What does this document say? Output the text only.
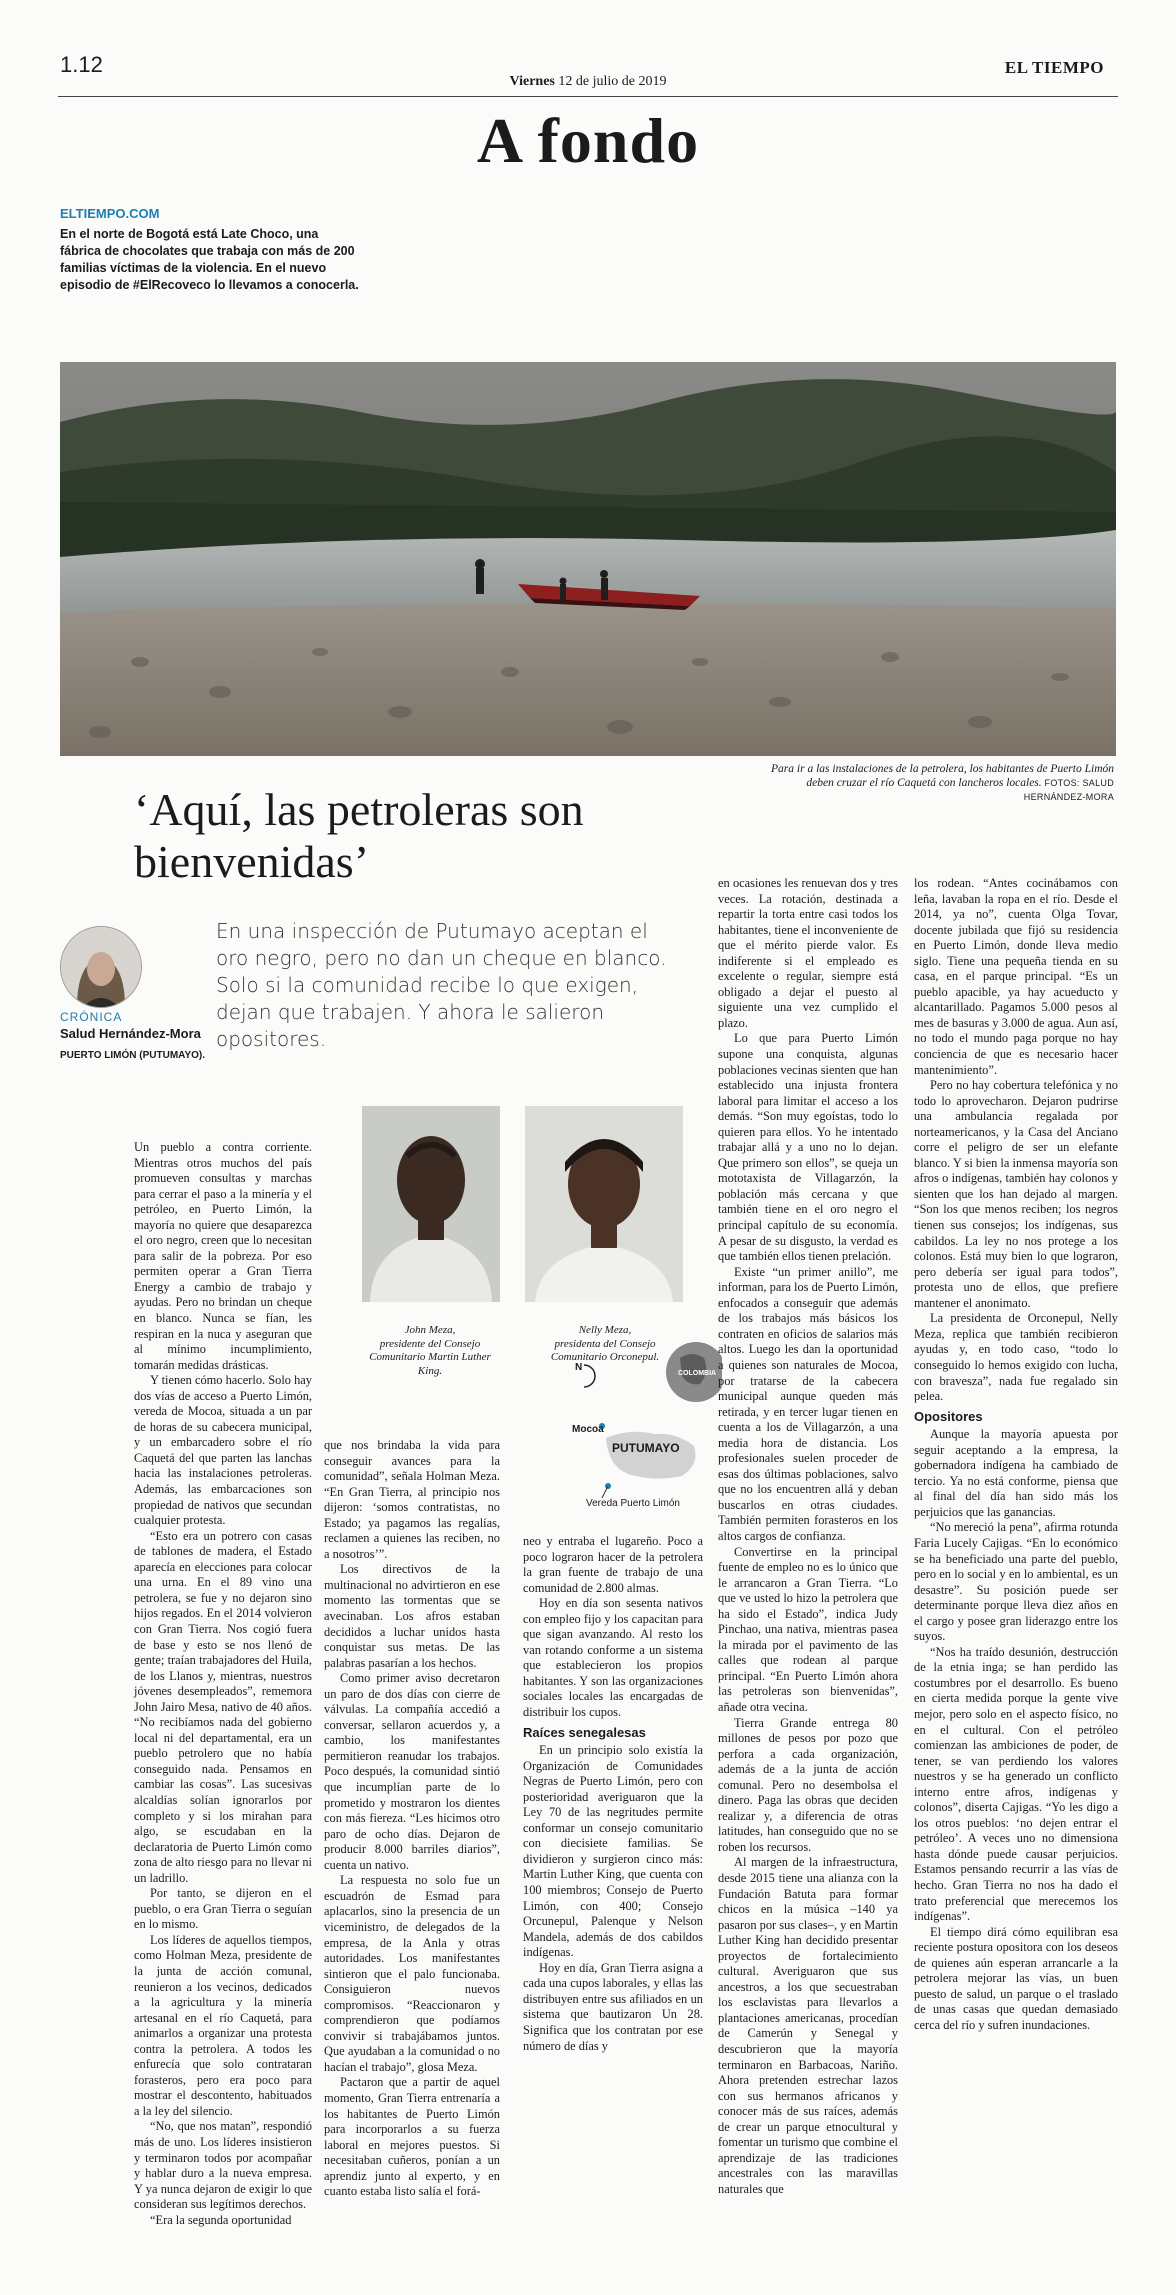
1.12
Viernes 12 de julio de 2019
EL TIEMPO
A fondo
ELTIEMPO.COM
En el norte de Bogotá está Late Choco, una fábrica de chocolates que trabaja con más de 200 familias víctimas de la violencia. En el nuevo episodio de #ElRecoveco lo llevamos a conocerla.
Para ir a las instalaciones de la petrolera, los habitantes de Puerto Limón deben cruzar el río Caquetá con lancheros locales. FOTOS: SALUD HERNÁNDEZ-MORA
‘Aquí, las petroleras son bienvenidas’
En una inspección de Putumayo aceptan el oro negro, pero no dan un cheque en blanco. Solo si la comunidad recibe lo que exigen, dejan que trabajen. Y ahora le salieron opositores.
CRÓNICA
Salud Hernández-Mora
PUERTO LIMÓN (PUTUMAYO).
John Meza,
presidente del Consejo Comunitario Martin Luther King.
Nelly Meza,
presidenta del Consejo Comunitario Orconepul.
N
COLOMBIA
Mocoa
PUTUMAYO
Vereda Puerto Limón

Un pueblo a contra corriente. Mientras otros muchos del país promueven consultas y marchas para cerrar el paso a la minería y el petróleo, en Puerto Limón, la mayoría no quiere que desaparezca el oro negro, creen que lo necesitan para salir de la pobreza. Por eso permiten operar a Gran Tierra Energy a cambio de trabajo y ayudas. Pero no brindan un cheque en blanco. Nunca se fían, les respiran en la nuca y aseguran que al mínimo incumplimiento, tomarán medidas drásticas.

Y tienen cómo hacerlo. Solo hay dos vías de acceso a Puerto Limón, vereda de Mocoa, situada a un par de horas de su cabecera municipal, y un embarcadero sobre el río Caquetá del que parten las lanchas hacia las instalaciones petroleras. Además, las embarcaciones son propiedad de nativos que secundan cualquier protesta.

“Esto era un potrero con casas de tablones de madera, el Estado aparecía en elecciones para colocar una urna. En el 89 vino una petrolera, se fue y no dejaron sino hijos regados. En el 2014 volvieron con Gran Tierra. Nos cogió fuera de base y esto se nos llenó de gente; traían trabajadores del Huila, de los Llanos y, mientras, nuestros jóvenes desempleados”, rememora John Jairo Mesa, nativo de 40 años. “No recibíamos nada del gobierno local ni del departamental, era un pueblo petrolero que no había conseguido nada. Pensamos en cambiar las cosas”. Las sucesivas alcaldías solían ignorarlos por completo y si los mirahan para algo, se escudaban en la declaratoria de Puerto Limón como zona de alto riesgo para no llevar ni un ladrillo.

Por tanto, se dijeron en el pueblo, o era Gran Tierra o seguían en lo mismo.

Los líderes de aquellos tiempos, como Holman Meza, presidente de la junta de acción comunal, reunieron a los vecinos, dedicados a la agricultura y la minería artesanal en el río Caquetá, para animarlos a organizar una protesta contra la petrolera. A todos les enfurecía que solo contrataran forasteros, pero era poco para mostrar el descontento, habituados a la ley del silencio.

“No, que nos matan”, respondió más de uno. Los líderes insistieron y terminaron todos por acompañar y hablar duro a la nueva empresa. Y ya nunca dejaron de exigir lo que consideran sus legítimos derechos.

“Era la segunda oportunidad

que nos brindaba la vida para conseguir avances para la comunidad”, señala Holman Meza. “En Gran Tierra, al principio nos dijeron: ‘somos contratistas, no Estado; ya pagamos las regalías, reclamen a quienes las reciben, no a nosotros’”.

Los directivos de la multinacional no advirtieron en ese momento las tormentas que se avecinaban. Los afros estaban decididos a luchar unidos hasta conquistar sus metas. De las palabras pasarían a los hechos.

Como primer aviso decretaron un paro de dos días con cierre de válvulas. La compañía accedió a conversar, sellaron acuerdos y, a cambio, los manifestantes permitieron reanudar los trabajos. Poco después, la comunidad sintió que incumplían parte de lo prometido y mostraron los dientes con más fiereza. “Les hicimos otro paro de ocho días. Dejaron de producir 8.000 barriles diarios”, cuenta un nativo.

La respuesta no solo fue un escuadrón de Esmad para aplacarlos, sino la presencia de un viceministro, de delegados de la empresa, de la Anla y otras autoridades. Los manifestantes sintieron que el palo funcionaba. Consiguieron nuevos compromisos. “Reaccionaron y comprendieron que podíamos convivir si trabajábamos juntos. Que ayudaban a la comunidad o no hacían el trabajo”, glosa Meza.

Pactaron que a partir de aquel momento, Gran Tierra entrenaría a los habitantes de Puerto Limón para incorporarlos a su fuerza laboral en mejores puestos. Si necesitaban cuñeros, ponían a un aprendiz junto al experto, y en cuanto estaba listo salía el forá-

neo y entraba el lugareño. Poco a poco lograron hacer de la petrolera la gran fuente de trabajo de una comunidad de 2.800 almas.

Hoy en día son sesenta nativos con empleo fijo y los capacitan para que sigan avanzando. Al resto los van rotando conforme a un sistema que establecieron los propios habitantes. Y son las organizaciones sociales locales las encargadas de distribuir los cupos.

Raíces senegalesas

En un principio solo existía la Organización de Comunidades Negras de Puerto Limón, pero con posterioridad averiguaron que la Ley 70 de las negritudes permite conformar un consejo comunitario con diecisiete familias. Se dividieron y surgieron cinco más: Martin Luther King, que cuenta con 100 miembros; Consejo de Puerto Limón, con 400; Consejo Orcunepul, Palenque y Nelson Mandela, además de dos cabildos indígenas.

Hoy en día, Gran Tierra asigna a cada una cupos laborales, y ellas las distribuyen entre sus afiliados en un sistema que bautizaron Un 28. Significa que los contratan por ese número de días y

en ocasiones les renuevan dos y tres veces. La rotación, destinada a repartir la torta entre casi todos los habitantes, tiene el inconveniente de que el mérito pierde valor. Es indiferente si el empleado es excelente o regular, siempre está obligado a dejar el puesto al siguiente una vez cumplido el plazo.

Lo que para Puerto Limón supone una conquista, algunas poblaciones vecinas sienten que han establecido una injusta frontera laboral para limitar el acceso a los demás. “Son muy egoístas, todo lo quieren para ellos. Yo he intentado trabajar allá y a uno no lo dejan. Que primero son ellos”, se queja un mototaxista de Villagarzón, la población más cercana y que también tiene en el oro negro el principal capítulo de su economía. A pesar de su disgusto, la verdad es que también ellos tienen prelación.

Existe “un primer anillo”, me informan, para los de Puerto Limón, enfocados a conseguir que además de los trabajos más básicos los contraten en oficios de salarios más altos. Luego les dan la oportunidad a quienes son naturales de Mocoa, por tratarse de la cabecera municipal aunque queden más retirada, y en tercer lugar tienen en cuenta a los de Villagarzón, a una media hora de distancia. Los profesionales suelen proceder de esas dos últimas poblaciones, salvo que no los encuentren allá y deban buscarlos en otras ciudades. También permiten forasteros en los altos cargos de confianza.

Convertirse en la principal fuente de empleo no es lo único que le arrancaron a Gran Tierra. “Lo que ve usted lo hizo la petrolera que ha sido el Estado”, indica Judy Pinchao, una nativa, mientras pasea la mirada por el pavimento de las calles que rodean al parque principal. “En Puerto Limón ahora las petroleras son bienvenidas”, añade otra vecina.

Tierra Grande entrega 80 millones de pesos por pozo que perfora a cada organización, además de a la junta de acción comunal. Pero no desembolsa el dinero. Paga las obras que deciden realizar y, a diferencia de otras latitudes, han conseguido que no se roben los recursos.

Al margen de la infraestructura, desde 2015 tiene una alianza con la Fundación Batuta para formar chicos en la música –140 ya pasaron por sus clases–, y en Martin Luther King han decidido presentar proyectos de fortalecimiento cultural. Averiguaron que sus ancestros, a los que secuestraban los esclavistas para llevarlos a plantaciones americanas, procedían de Camerún y Senegal y descubrieron que la mayoría terminaron en Barbacoas, Nariño. Ahora pretenden estrechar lazos con sus hermanos africanos y conocer más de sus raíces, además de crear un parque etnocultural y fomentar un turismo que combine el aprendizaje de las tradiciones ancestrales con las maravillas naturales que

los rodean. “Antes cocinábamos con leña, lavaban la ropa en el río. Desde el 2014, ya no”, cuenta Olga Tovar, docente jubilada que fijó su residencia en Puerto Limón, donde lleva medio siglo. Tiene una pequeña tienda en su casa, en el parque principal. “Es un pueblo apacible, ya hay acueducto y alcantarillado. Pagamos 5.000 pesos al mes de basuras y 3.000 de agua. Aun así, no todo el mundo paga porque no hay conciencia de que es necesario hacer mantenimiento”.

Pero no hay cobertura telefónica y no todo lo aprovecharon. Dejaron pudrirse una ambulancia regalada por norteamericanos, y la Casa del Anciano corre el peligro de ser un elefante blanco. Y si bien la inmensa mayoría son afros o indígenas, también hay colonos y sienten que los han dejado al margen. “Son los que menos reciben; los negros tienen sus consejos; los indígenas, sus cabildos. La ley no nos protege a los colonos. Está muy bien lo que lograron, pero debería ser igual para todos”, protesta uno de ellos, que prefiere mantener el anonimato.

La presidenta de Orconepul, Nelly Meza, replica que también recibieron ayudas y, en todo caso, “todo lo conseguido lo hemos exigido con lucha, con bravesza”, nada fue regalado sin pelea.

Opositores

Aunque la mayoría apuesta por seguir aceptando a la empresa, la gobernadora indígena ha cambiado de tercio. Ya no está conforme, piensa que al final del día han sido más los perjuicios que las ganancias.

“No mereció la pena”, afirma rotunda Faria Lucely Cajigas. “En lo económico se ha beneficiado una parte del pueblo, pero en lo social y en lo ambiental, es un desastre”. Su posición puede ser determinante porque lleva diez años en el cargo y posee gran liderazgo entre los suyos.

“Nos ha traído desunión, destrucción de la etnia inga; se han perdido las costumbres por el desarrollo. Es bueno en cierta medida porque la gente vive mejor, pero solo en el aspecto físico, no en el cultural. Con el petróleo comienzan las ambiciones de poder, de tener, se van perdiendo los valores nuestros y se ha generado un conflicto interno entre afros, indígenas y colonos”, diserta Cajigas. “Yo les digo a los otros pueblos: ‘no dejen entrar el petróleo’. A veces uno no dimensiona hasta dónde puede causar perjuicios. Estamos pensando recurrir a las vías de hecho. Gran Tierra no nos ha dado el trato preferencial que merecemos los indígenas”.

El tiempo dirá cómo equilibran esa reciente postura opositora con los deseos de quienes aún esperan arrancarle a la petrolera mejorar las vías, un buen puesto de salud, un parque o el traslado de unas casas que quedan demasiado cerca del río y sufren inundaciones.
